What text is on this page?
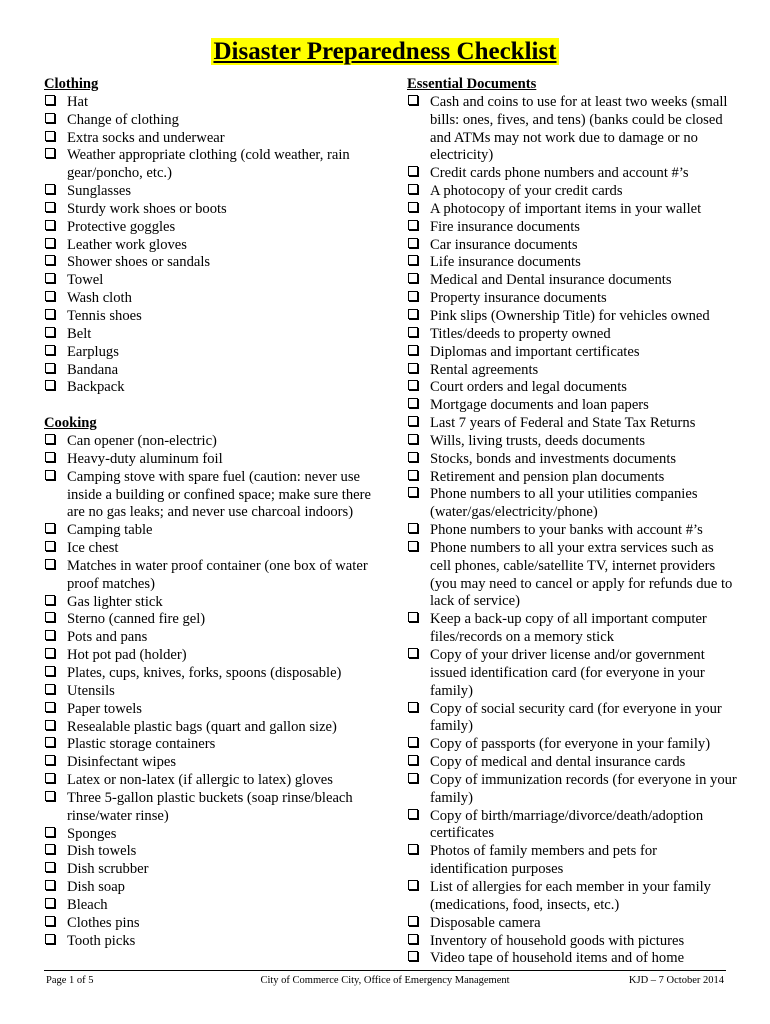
Disaster Preparedness Checklist
Clothing
Hat
Change of clothing
Extra socks and underwear
Weather appropriate clothing (cold weather, rain gear/poncho, etc.)
Sunglasses
Sturdy work shoes or boots
Protective goggles
Leather work gloves
Shower shoes or sandals
Towel
Wash cloth
Tennis shoes
Belt
Earplugs
Bandana
Backpack
Cooking
Can opener (non-electric)
Heavy-duty aluminum foil
Camping stove with spare fuel (caution: never use inside a building or confined space; make sure there are no gas leaks; and never use charcoal indoors)
Camping table
Ice chest
Matches in water proof container (one box of water proof matches)
Gas lighter stick
Sterno (canned fire gel)
Pots and pans
Hot pot pad (holder)
Plates, cups, knives, forks, spoons (disposable)
Utensils
Paper towels
Resealable plastic bags (quart and gallon size)
Plastic storage containers
Disinfectant wipes
Latex or non-latex (if allergic to latex) gloves
Three 5-gallon plastic buckets (soap rinse/bleach rinse/water rinse)
Sponges
Dish towels
Dish scrubber
Dish soap
Bleach
Clothes pins
Tooth picks
Essential Documents
Cash and coins to use for at least two weeks (small bills: ones, fives, and tens) (banks could be closed and ATMs may not work due to damage or no electricity)
Credit cards phone numbers and account #’s
A photocopy of your credit cards
A photocopy of important items in your wallet
Fire insurance documents
Car insurance documents
Life insurance documents
Medical and Dental insurance documents
Property insurance documents
Pink slips (Ownership Title) for vehicles owned
Titles/deeds to property owned
Diplomas and important certificates
Rental agreements
Court orders and legal documents
Mortgage documents and loan papers
Last 7 years of Federal and State Tax Returns
Wills, living trusts, deeds documents
Stocks, bonds and investments documents
Retirement and pension plan documents
Phone numbers to all your utilities companies (water/gas/electricity/phone)
Phone numbers to your banks with account #’s
Phone numbers to all your extra services such as cell phones, cable/satellite TV, internet providers (you may need to cancel or apply for refunds due to lack of service)
Keep a back-up copy of all important computer files/records on a memory stick
Copy of your driver license and/or government issued identification card (for everyone in your family)
Copy of social security card (for everyone in your family)
Copy of passports (for everyone in your family)
Copy of medical and dental insurance cards
Copy of immunization records (for everyone in your family)
Copy of birth/marriage/divorce/death/adoption certificates
Photos of family members and pets for identification purposes
List of allergies for each member in your family (medications, food, insects, etc.)
Disposable camera
Inventory of household goods with pictures
Video tape of household items and of home
Page 1 of 5	City of Commerce City, Office of Emergency Management	KJD – 7 October 2014
